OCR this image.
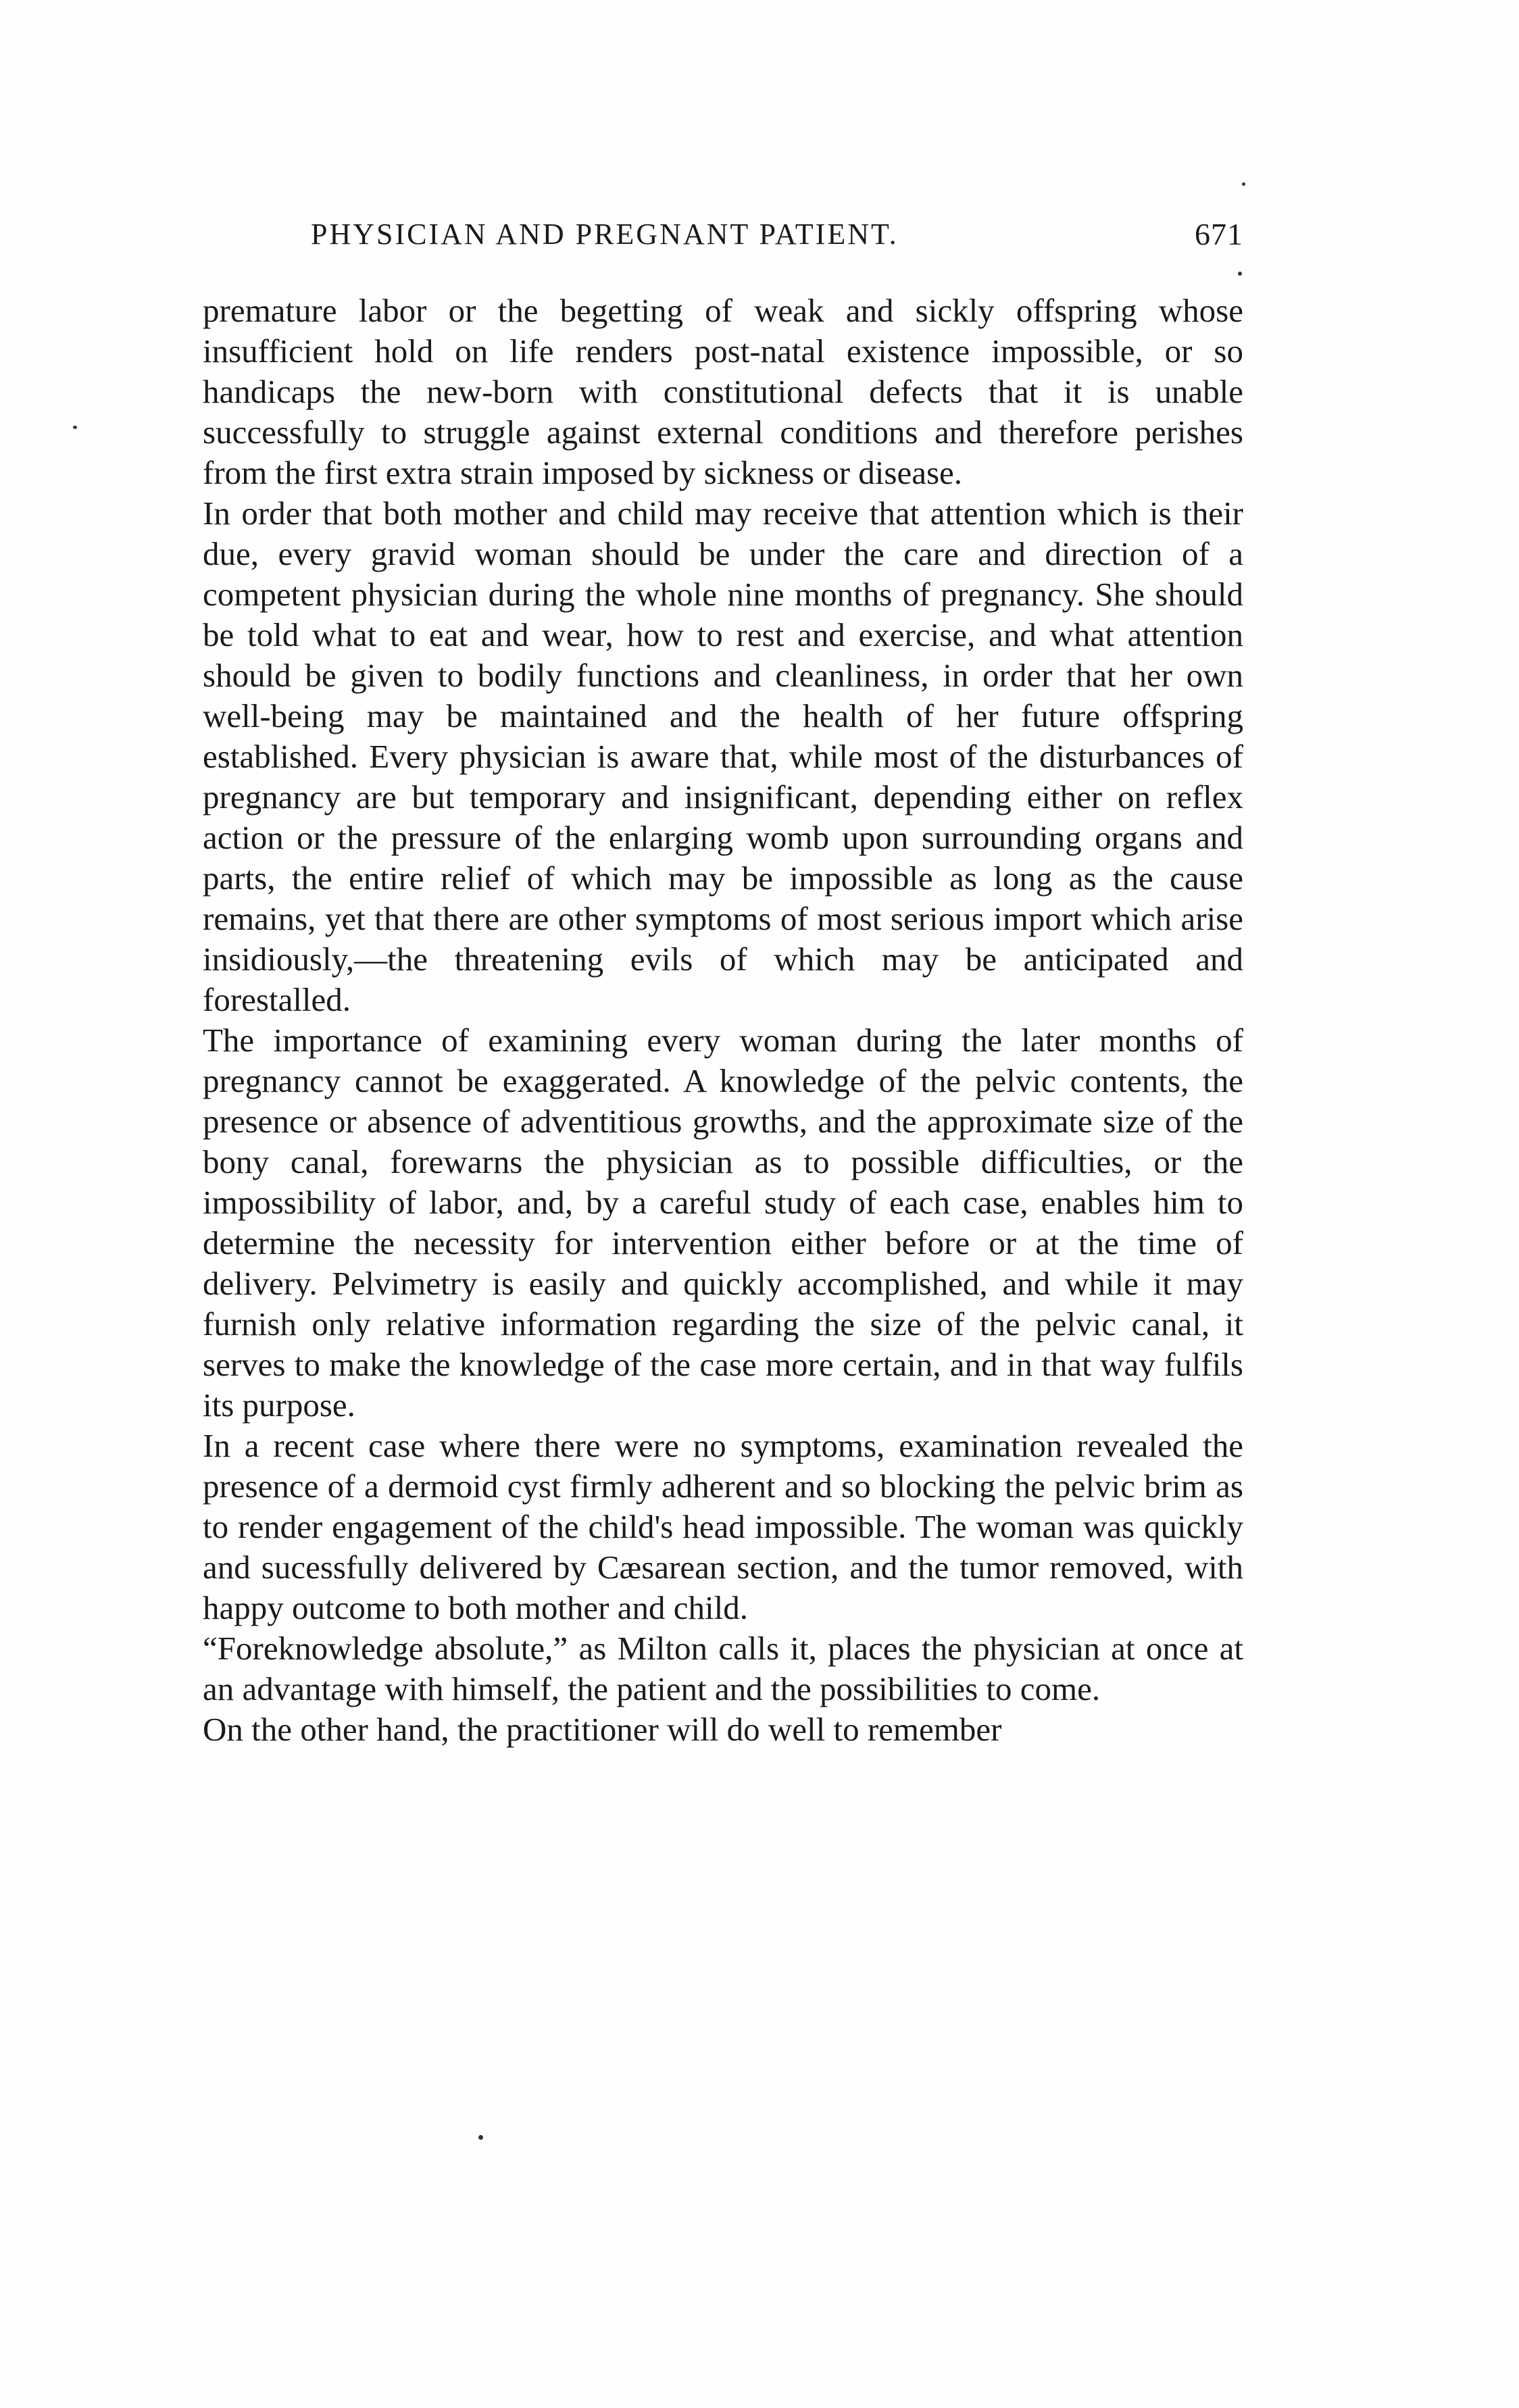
PHYSICIAN AND PREGNANT PATIENT.	671

premature labor or the begetting of weak and sickly offspring whose insufficient hold on life renders post-natal existence impossible, or so handicaps the new-born with constitutional defects that it is unable successfully to struggle against external conditions and therefore perishes from the first extra strain imposed by sickness or disease.

In order that both mother and child may receive that attention which is their due, every gravid woman should be under the care and direction of a competent physician during the whole nine months of pregnancy. She should be told what to eat and wear, how to rest and exercise, and what attention should be given to bodily functions and cleanliness, in order that her own well-being may be maintained and the health of her future offspring established. Every physician is aware that, while most of the disturbances of pregnancy are but temporary and insignificant, depending either on reflex action or the pressure of the enlarging womb upon surrounding organs and parts, the entire relief of which may be impossible as long as the cause remains, yet that there are other symptoms of most serious import which arise insidiously,—the threatening evils of which may be anticipated and forestalled.

The importance of examining every woman during the later months of pregnancy cannot be exaggerated. A knowledge of the pelvic contents, the presence or absence of adventitious growths, and the approximate size of the bony canal, forewarns the physician as to possible difficulties, or the impossibility of labor, and, by a careful study of each case, enables him to determine the necessity for intervention either before or at the time of delivery. Pelvimetry is easily and quickly accomplished, and while it may furnish only relative information regarding the size of the pelvic canal, it serves to make the knowledge of the case more certain, and in that way fulfils its purpose.

In a recent case where there were no symptoms, examination revealed the presence of a dermoid cyst firmly adherent and so blocking the pelvic brim as to render engagement of the child's head impossible. The woman was quickly and sucessfully delivered by Cæsarean section, and the tumor removed, with happy outcome to both mother and child.

“Foreknowledge absolute,” as Milton calls it, places the physician at once at an advantage with himself, the patient and the possibilities to come.

On the other hand, the practitioner will do well to remember
